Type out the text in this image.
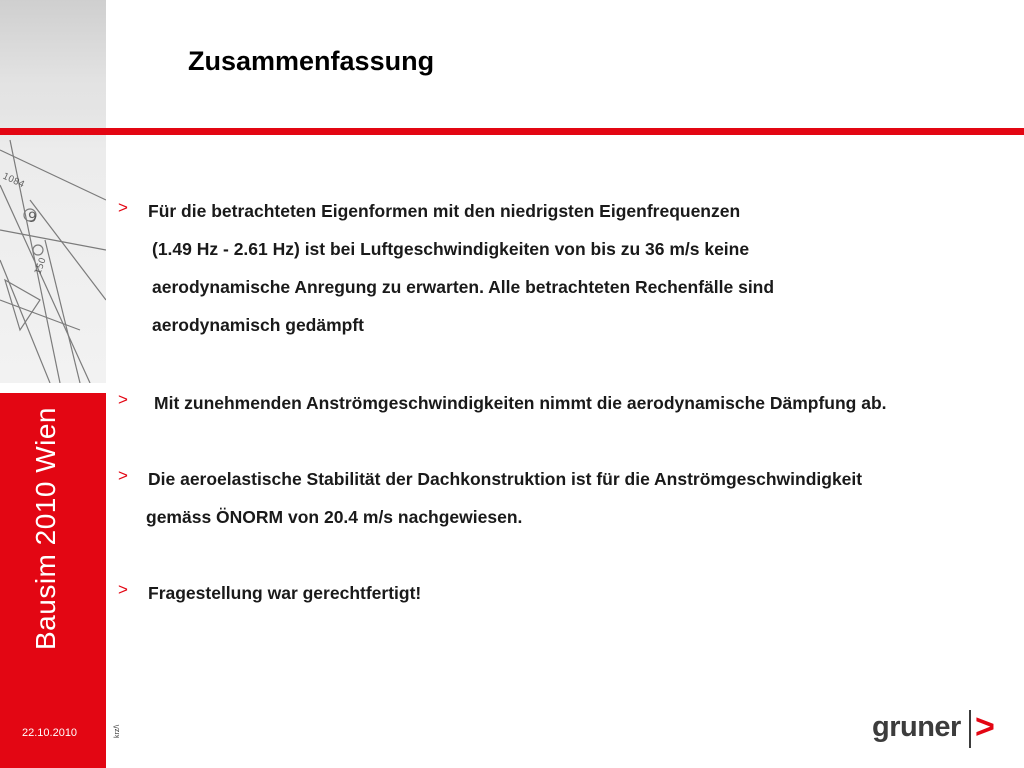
1084
150
9
Zusammenfassung
Bausim 2010 Wien
22.10.2010	krz/\
>	Für die betrachteten Eigenformen mit den niedrigsten Eigenfrequenzen
(1.49 Hz - 2.61 Hz) ist bei Luftgeschwindigkeiten von bis zu 36 m/s keine
aerodynamische Anregung zu erwarten. Alle betrachteten Rechenfälle sind
aerodynamisch gedämpft
>	Mit zunehmenden Anströmgeschwindigkeiten nimmt die aerodynamische Dämpfung ab.
>	Die aeroelastische Stabilität der Dachkonstruktion ist für die Anströmgeschwindigkeit
gemäss ÖNORM von 20.4 m/s nachgewiesen.
>	Fragestellung war gerechtfertigt!
gruner >
